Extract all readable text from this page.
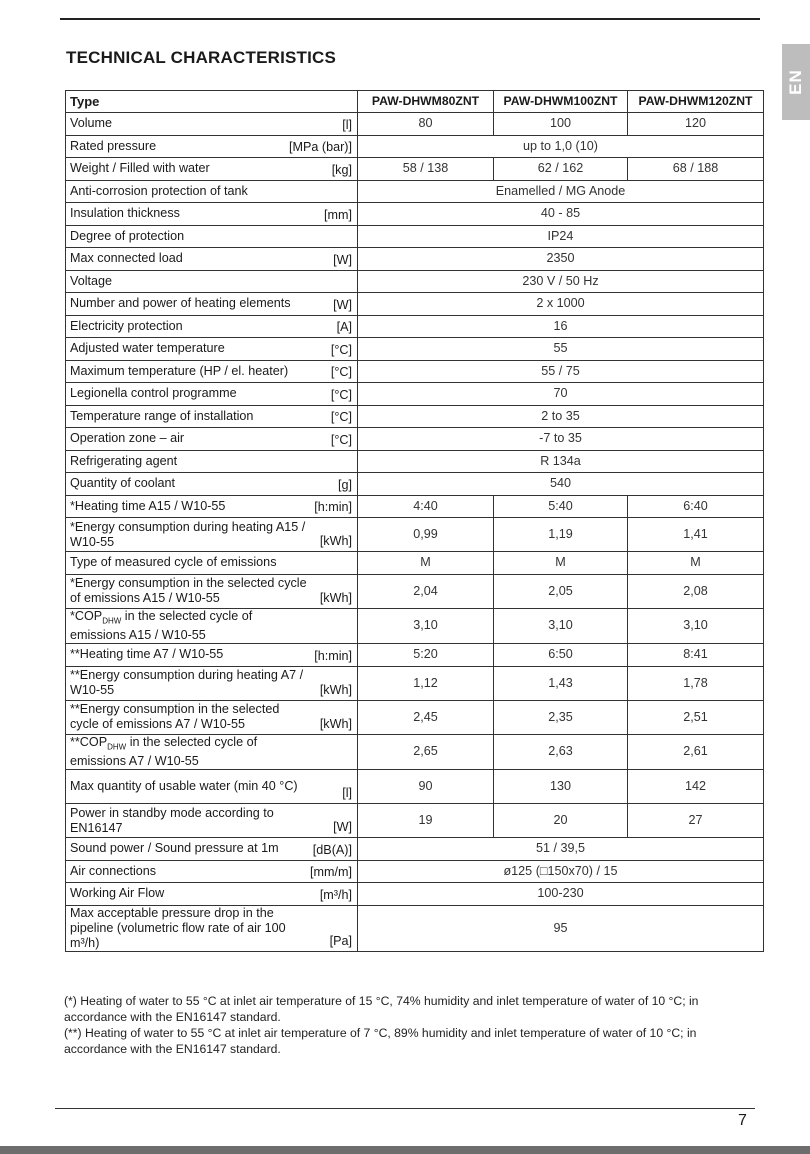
TECHNICAL CHARACTERISTICS
EN
Type	PAW-DHWM80ZNT	PAW-DHWM100ZNT	PAW-DHWM120ZNT
Volume [l]	80	100	120
Rated pressure [MPa (bar)]	up to 1,0 (10)		
Weight / Filled with water [kg]	58 / 138	62 / 162	68 / 188
Anti-corrosion protection of tank	Enamelled / MG Anode		
Insulation thickness [mm]	40 - 85		
Degree of protection	IP24		
Max connected load [W]	2350		
Voltage	230 V / 50 Hz		
Number and power of heating elements [W]	2 x 1000		
Electricity protection [A]	16		
Adjusted water temperature [°C]	55		
Maximum temperature (HP / el. heater) [°C]	55 / 75		
Legionella control programme [°C]	70		
Temperature range of installation [°C]	2 to 35		
Operation zone – air [°C]	-7 to 35		
Refrigerating agent	R 134a		
Quantity of coolant [g]	540		
*Heating time A15 / W10-55 [h:min]	4:40	5:40	6:40
*Energy consumption during heating A15 / W10-55 [kWh]	0,99	1,19	1,41
Type of measured cycle of emissions	M	M	M
*Energy consumption in the selected cycle of emissions A15 / W10-55 [kWh]	2,04	2,05	2,08
$*COP_{DHW}$ in the selected cycle of emissions A15 / W10-55	3,10	3,10	3,10
**Heating time A7 / W10-55 [h:min]	5:20	6:50	8:41
**Energy consumption during heating A7 / W10-55 [kWh]	1,12	1,43	1,78
**Energy consumption in the selected cycle of emissions A7 / W10-55 [kWh]	2,45	2,35	2,51
$**COP_{DHW}$ in the selected cycle of emissions A7 / W10-55	2,65	2,63	2,61
Max quantity of usable water (min 40 °C) [l]	90	130	142
Power in standby mode according to EN16147 [W]	19	20	27
Sound power / Sound pressure at 1m [dB(A)]	51 / 39,5		
Air connections [mm/m]	ø125 (□150x70) / 15		
Working Air Flow [m³/h]	100-230		
Max acceptable pressure drop in the pipeline (volumetric flow rate of air 100 m³/h) [Pa]	95		

(*) Heating of water to 55 °C at inlet air temperature of 15 °C, 74% humidity and inlet temperature of water of 10 °C; in accordance with the EN16147 standard.

(**) Heating of water to 55 °C at inlet air temperature of 7 °C, 89% humidity and inlet temperature of water of 10 °C; in accordance with the EN16147 standard.

7
